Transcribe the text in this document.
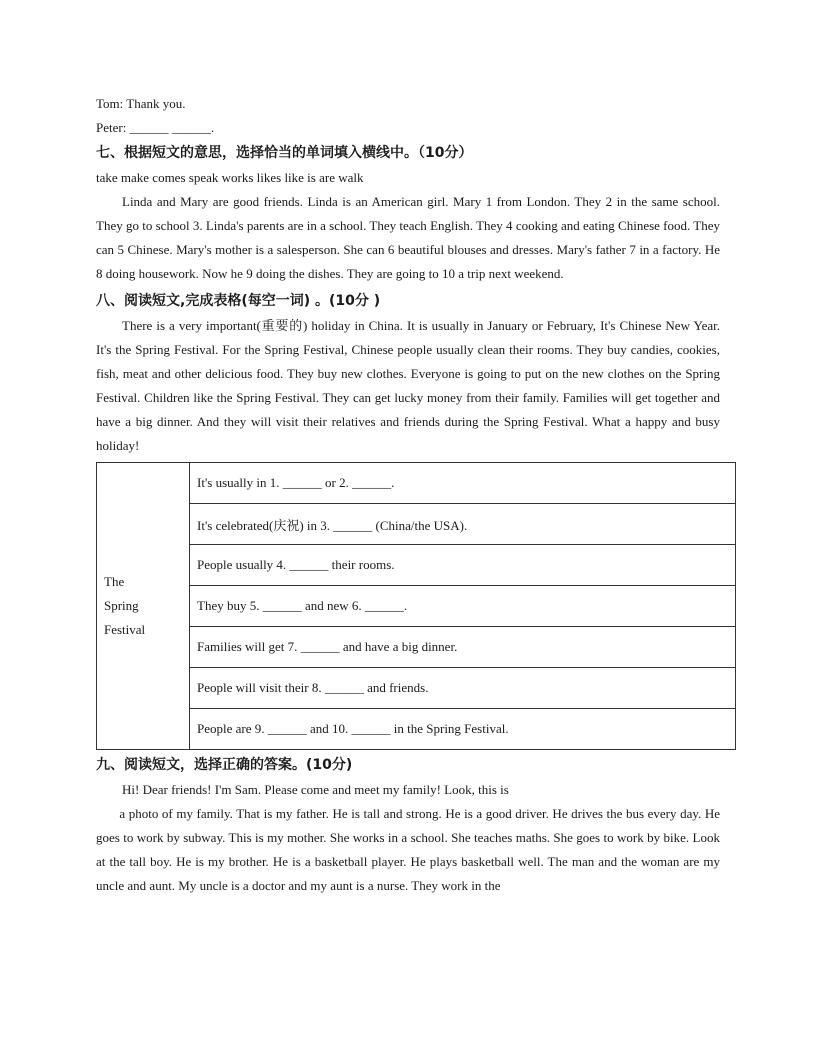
Tom: Thank you.
Peter: ______ ______.
七、根据短文的意思，选择恰当的单词填入横线中。（10分）
take make comes speak works likes like is are walk

Linda and Mary are good friends. Linda is an American girl. Mary 1 from London. They 2 in the same school. They go to school 3. Linda's parents are in a school. They teach English. They 4 cooking and eating Chinese food. They can 5 Chinese. Mary's mother is a salesperson. She can 6 beautiful blouses and dresses. Mary's father 7 in a factory. He 8 doing housework. Now he 9 doing the dishes. They are going to 10 a trip next weekend.

八、阅读短文,完成表格(每空一词) 。(10分 )

There is a very important(重要的) holiday in China. It is usually in January or February, It's Chinese New Year. It's the Spring Festival. For the Spring Festival, Chinese people usually clean their rooms. They buy candies, cookies, fish, meat and other delicious food. They buy new clothes. Everyone is going to put on the new clothes on the Spring Festival. Children like the Spring Festival. They can get lucky money from their family. Families will get together and have a big dinner. And they will visit their relatives and friends during the Spring Festival. What a happy and busy holiday!

The Spring Festival
	It's usually in 1. ______ or 2. ______.
It's celebrated(庆祝) in 3. ______ (China/the USA).
People usually 4. ______ their rooms.
They buy 5. ______ and new 6. ______.
Families will get 7. ______ and have a big dinner.
People will visit their 8. ______ and friends.
People are 9. ______ and 10. ______ in the Spring Festival.
九、阅读短文，选择正确的答案。(10分)

Hi! Dear friends! I'm Sam. Please come and meet my family! Look, this is

a photo of my family. That is my father. He is tall and strong. He is a good driver. He drives the bus every day. He goes to work by subway. This is my mother. She works in a school. She teaches maths. She goes to work by bike. Look at the tall boy. He is my brother. He is a basketball player. He plays basketball well. The man and the woman are my uncle and aunt. My uncle is a doctor and my aunt is a nurse. They work in the
